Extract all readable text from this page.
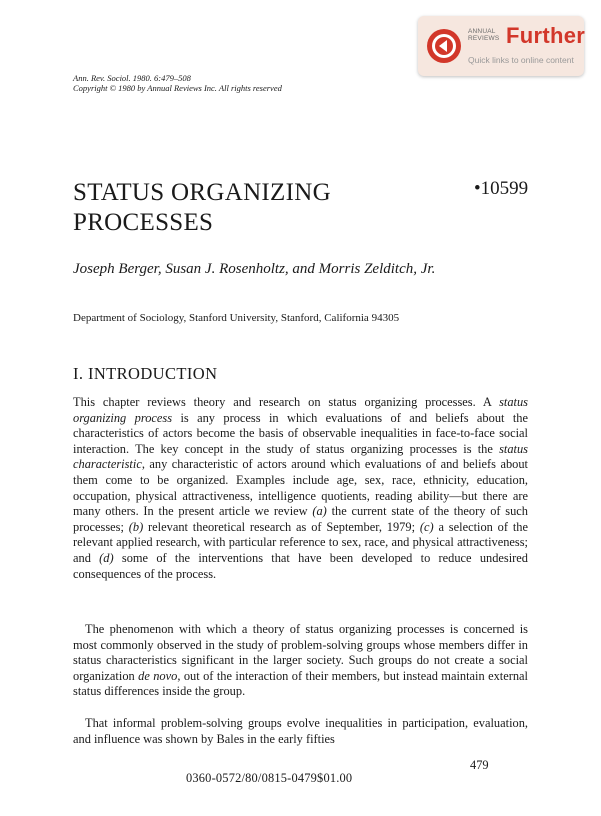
ANNUAL REVIEWS Further
Quick links to online content
Ann. Rev. Sociol. 1980. 6:479–508
Copyright © 1980 by Annual Reviews Inc. All rights reserved
STATUS ORGANIZING PROCESSES
•10599
Joseph Berger, Susan J. Rosenholtz, and Morris Zelditch, Jr.
Department of Sociology, Stanford University, Stanford, California 94305
I. INTRODUCTION

This chapter reviews theory and research on status organizing processes. A status organizing process is any process in which evaluations of and beliefs about the characteristics of actors become the basis of observable inequalities in face-to-face social interaction. The key concept in the study of status organizing processes is the status characteristic, any characteristic of actors around which evaluations of and beliefs about them come to be organized. Examples include age, sex, race, ethnicity, education, occupation, physical attractiveness, intelligence quotients, reading ability—but there are many others. In the present article we review (a) the current state of the theory of such processes; (b) relevant theoretical research as of September, 1979; (c) a selection of the relevant applied research, with particular reference to sex, race, and physical attractiveness; and (d) some of the interventions that have been developed to reduce undesired consequences of the process.

The phenomenon with which a theory of status organizing processes is concerned is most commonly observed in the study of problem-solving groups whose members differ in status characteristics significant in the larger society. Such groups do not create a social organization de novo, out of the interaction of their members, but instead maintain external status differences inside the group.

That informal problem-solving groups evolve inequalities in participation, evaluation, and influence was shown by Bales in the early fifties

479
0360-0572/80/0815-0479$01.00
